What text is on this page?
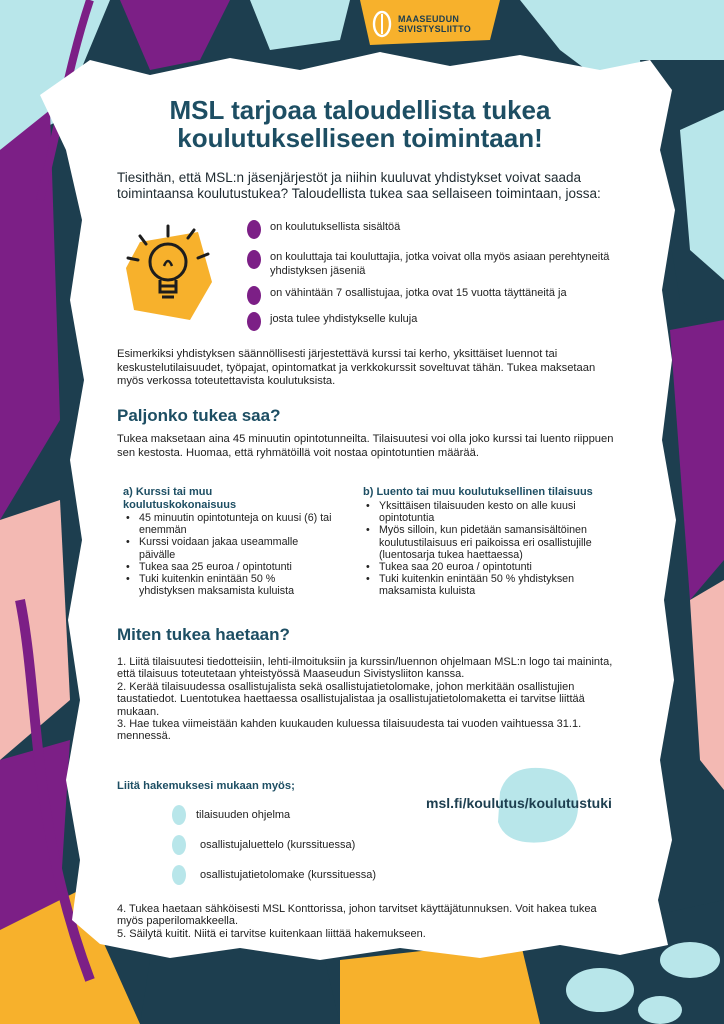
MAASEUDUN
SIVISTYSLIITTO
MSL tarjoaa taloudellista tukea
koulutukselliseen toimintaan!

Tiesithän, että MSL:n jäsenjärjestöt ja niihin kuuluvat yhdistykset voivat saada toimintaansa koulutustukea? Taloudellista tukea saa sellaiseen toimintaan, jossa:

on koulutuksellista sisältöä
on kouluttaja tai kouluttajia, jotka voivat olla myös asiaan perehtyneitä yhdistyksen jäseniä
on vähintään 7 osallistujaa, jotka ovat 15 vuotta täyttäneitä ja
josta tulee yhdistykselle kuluja

Esimerkiksi yhdistyksen säännöllisesti järjestettävä kurssi tai kerho, yksittäiset luennot tai keskustelutilaisuudet, työpajat, opintomatkat ja verkkokurssit soveltuvat tähän. Tukea maksetaan myös verkossa toteutettavista koulutuksista.

Paljonko tukea saa?

Tukea maksetaan aina 45 minuutin opintotunneilta. Tilaisuutesi voi olla joko kurssi tai luento riippuen sen kestosta. Huomaa, että ryhmätöillä voit nostaa opintotuntien määrää.

a) Kurssi tai muu koulutuskokonaisuus
• 45 minuutin opintotunteja on kuusi (6) tai enemmän
• Kurssi voidaan jakaa useammalle päivälle
• Tukea saa 25 euroa / opintotunti
• Tuki kuitenkin enintään 50 % yhdistyksen maksamista kuluista
b) Luento tai muu koulutuksellinen tilaisuus
• Yksittäisen tilaisuuden kesto on alle kuusi opintotuntia
• Myös silloin, kun pidetään samansisältöinen koulutustilaisuus eri paikoissa eri osallistujille (luentosarja tukea haettaessa)
• Tukea saa 20 euroa / opintotunti
• Tuki kuitenkin enintään 50 % yhdistyksen maksamista kuluista
Miten tukea haetaan?

1. Liitä tilaisuutesi tiedotteisiin, lehti-ilmoituksiin ja kurssin/luennon ohjelmaan MSL:n logo tai maininta, että tilaisuus toteutetaan yhteistyössä Maaseudun Sivistysliiton kanssa.

2. Kerää tilaisuudessa osallistujalista sekä osallistujatietolomake, johon merkitään osallistujien taustatiedot. Luentotukea haettaessa osallistujalistaa ja osallistujatietolomaketta ei tarvitse liittää mukaan.

3. Hae tukea viimeistään kahden kuukauden kuluessa tilaisuudesta tai vuoden vaihtuessa 31.1. mennessä.

Liitä hakemuksesi mukaan myös;
tilaisuuden ohjelma
osallistujaluettelo (kurssituessa)
osallistujatietolomake (kurssituessa)
msl.fi/koulutus/koulutustuki

4. Tukea haetaan sähköisesti MSL Konttorissa, johon tarvitset käyttäjätunnuksen. Voit hakea tukea myös paperilomakkeella.

5. Säilytä kuitit. Niitä ei tarvitse kuitenkaan liittää hakemukseen.
